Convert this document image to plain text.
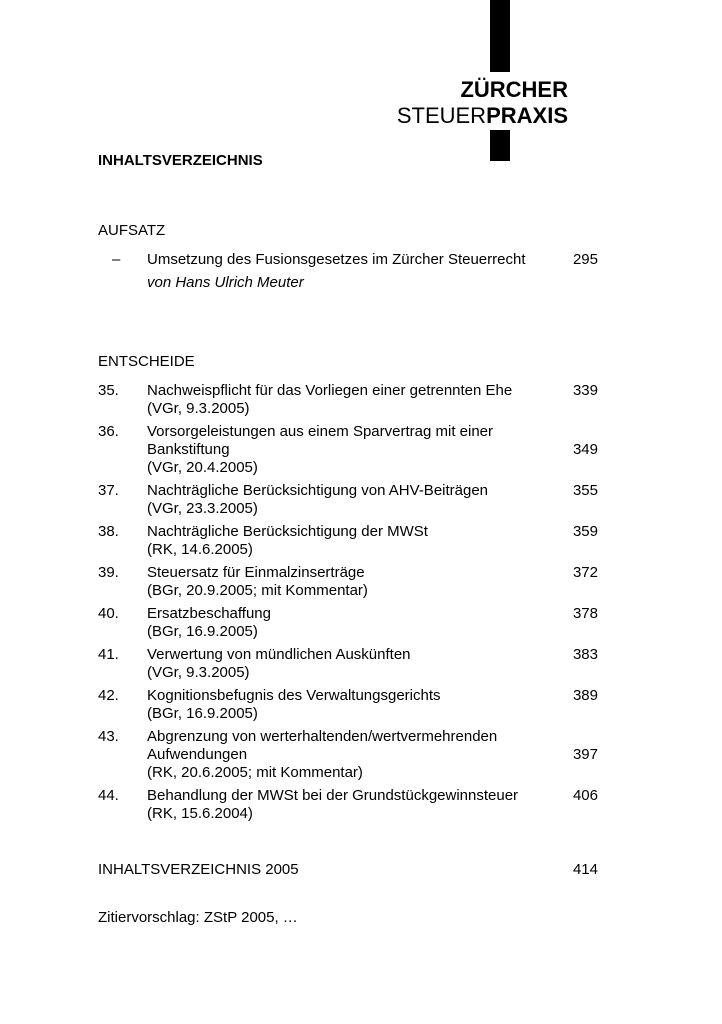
ZÜRCHER
STEUERPRAXIS
INHALTSVERZEICHNIS
AUFSATZ
– Umsetzung des Fusionsgesetzes im Zürcher Steuerrecht
von Hans Ulrich Meuter
295
ENTSCHEIDE
35. Nachweispflicht für das Vorliegen einer getrennten Ehe
(VGr, 9.3.2005)
339
36. Vorsorgeleistungen aus einem Sparvertrag mit einer
Bankstiftung
(VGr, 20.4.2005)
349
37. Nachträgliche Berücksichtigung von AHV-Beiträgen
(VGr, 23.3.2005)
355
38. Nachträgliche Berücksichtigung der MWSt
(RK, 14.6.2005)
359
39. Steuersatz für Einmalzinserträge
(BGr, 20.9.2005; mit Kommentar)
372
40. Ersatzbeschaffung
(BGr, 16.9.2005)
378
41. Verwertung von mündlichen Auskünften
(VGr, 9.3.2005)
383
42. Kognitionsbefugnis des Verwaltungsgerichts
(BGr, 16.9.2005)
389
43. Abgrenzung von werterhaltenden/wertvermehrenden
Aufwendungen
(RK, 20.6.2005; mit Kommentar)
397
44. Behandlung der MWSt bei der Grundstückgewinnsteuer
(RK, 15.6.2004)
406
INHALTSVERZEICHNIS 2005	414
Zitiervorschlag: ZStP 2005, …
